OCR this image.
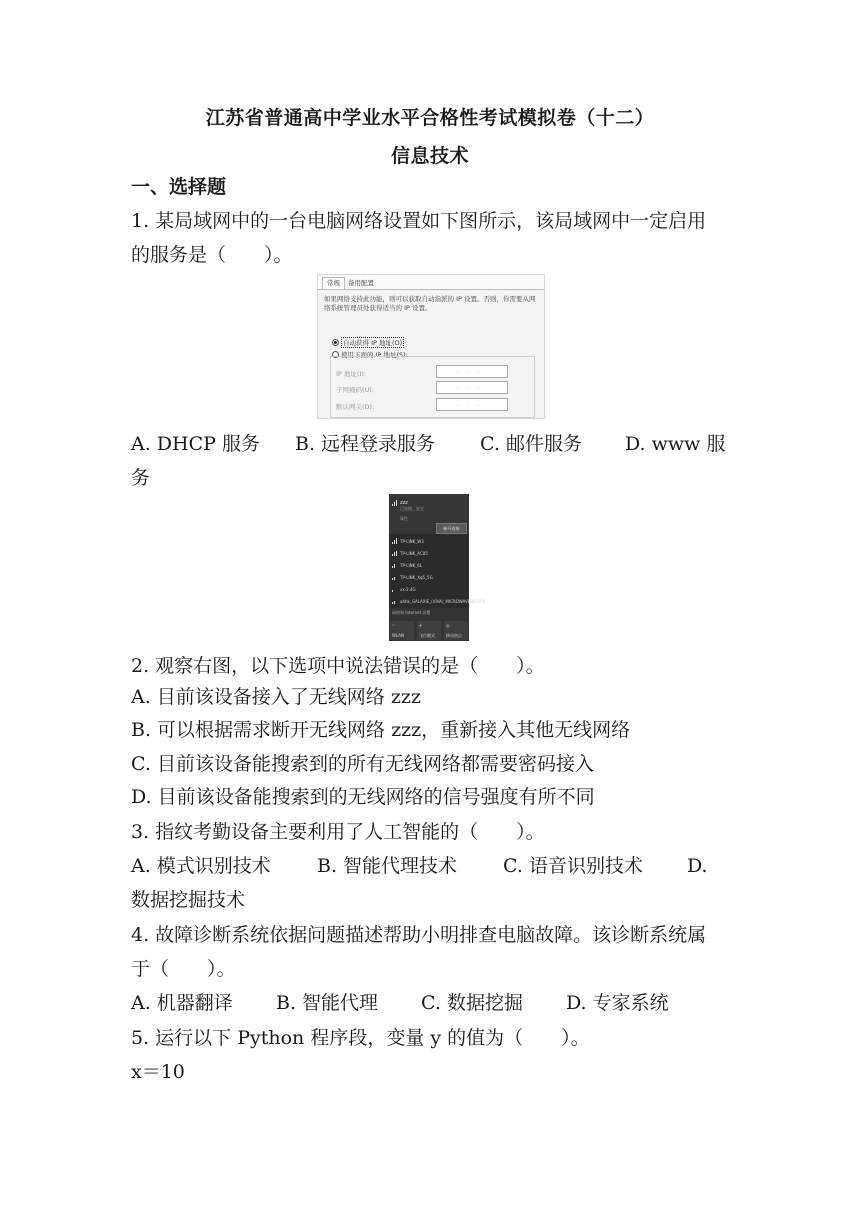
江苏省普通高中学业水平合格性考试模拟卷（十二）
信息技术
一、选择题
1. 某局域网中的一台电脑网络设置如下图所示，该局域网中一定启用
的服务是（　　）。
常规	备用配置
如果网络支持此功能，则可以获取自动指派的 IP 设置。否则，你需要从网络系统管理员处获得适当的 IP 设置。
自动获得 IP 地址(O)
使用下面的 IP 地址(S):
IP 地址(I):
子网掩码(U):
默认网关(D):
...
...
...
A. DHCP 服务	B. 远程登录服务	C. 邮件服务	D. www 服
务
zzz
已连接，安全
属性
断开连接
TP-LINK_W3
TP-LINK_AC85
TP-LINK_6L
TP-LINK_Xq5_5G
xx-2.4G
ahhk_GALAXIE_(VIVA)_MICROWAVEDEVICE
网络和 Internet 设置
◠
WLAN
✈
飞行模式
◎
移动热点
2. 观察右图，以下选项中说法错误的是（　　）。
A. 目前该设备接入了无线网络 zzz
B. 可以根据需求断开无线网络 zzz，重新接入其他无线网络
C. 目前该设备能搜索到的所有无线网络都需要密码接入
D. 目前该设备能搜索到的无线网络的信号强度有所不同
3. 指纹考勤设备主要利用了人工智能的（　　）。
A. 模式识别技术	B. 智能代理技术	C. 语音识别技术	D.
数据挖掘技术
4. 故障诊断系统依据问题描述帮助小明排查电脑故障。该诊断系统属
于（　　）。
A. 机器翻译	B. 智能代理	C. 数据挖掘	D. 专家系统
5. 运行以下 Python 程序段，变量 y 的值为（　　）。
x＝10
